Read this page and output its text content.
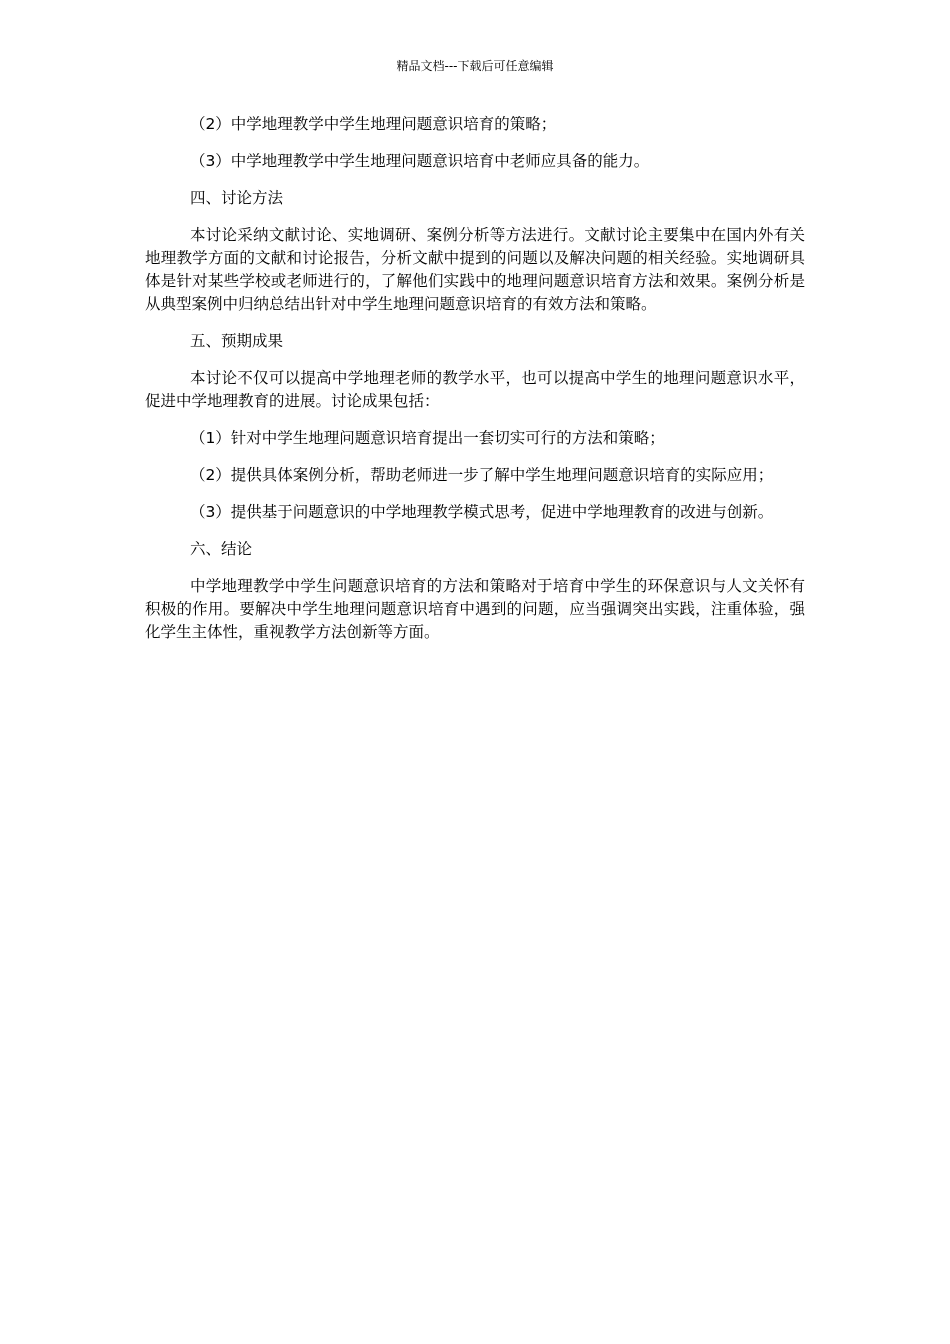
精品文档---下载后可任意编辑

（2）中学地理教学中学生地理问题意识培育的策略；

（3）中学地理教学中学生地理问题意识培育中老师应具备的能力。

四、讨论方法

本讨论采纳文献讨论、实地调研、案例分析等方法进行。文献讨论主要集中在国内外有关地理教学方面的文献和讨论报告，分析文献中提到的问题以及解决问题的相关经验。实地调研具体是针对某些学校或老师进行的，了解他们实践中的地理问题意识培育方法和效果。案例分析是从典型案例中归纳总结出针对中学生地理问题意识培育的有效方法和策略。

五、预期成果

本讨论不仅可以提高中学地理老师的教学水平，也可以提高中学生的地理问题意识水平，促进中学地理教育的进展。讨论成果包括：

（1）针对中学生地理问题意识培育提出一套切实可行的方法和策略；

（2）提供具体案例分析，帮助老师进一步了解中学生地理问题意识培育的实际应用；

（3）提供基于问题意识的中学地理教学模式思考，促进中学地理教育的改进与创新。

六、结论

中学地理教学中学生问题意识培育的方法和策略对于培育中学生的环保意识与人文关怀有积极的作用。要解决中学生地理问题意识培育中遇到的问题，应当强调突出实践，注重体验，强化学生主体性，重视教学方法创新等方面。
